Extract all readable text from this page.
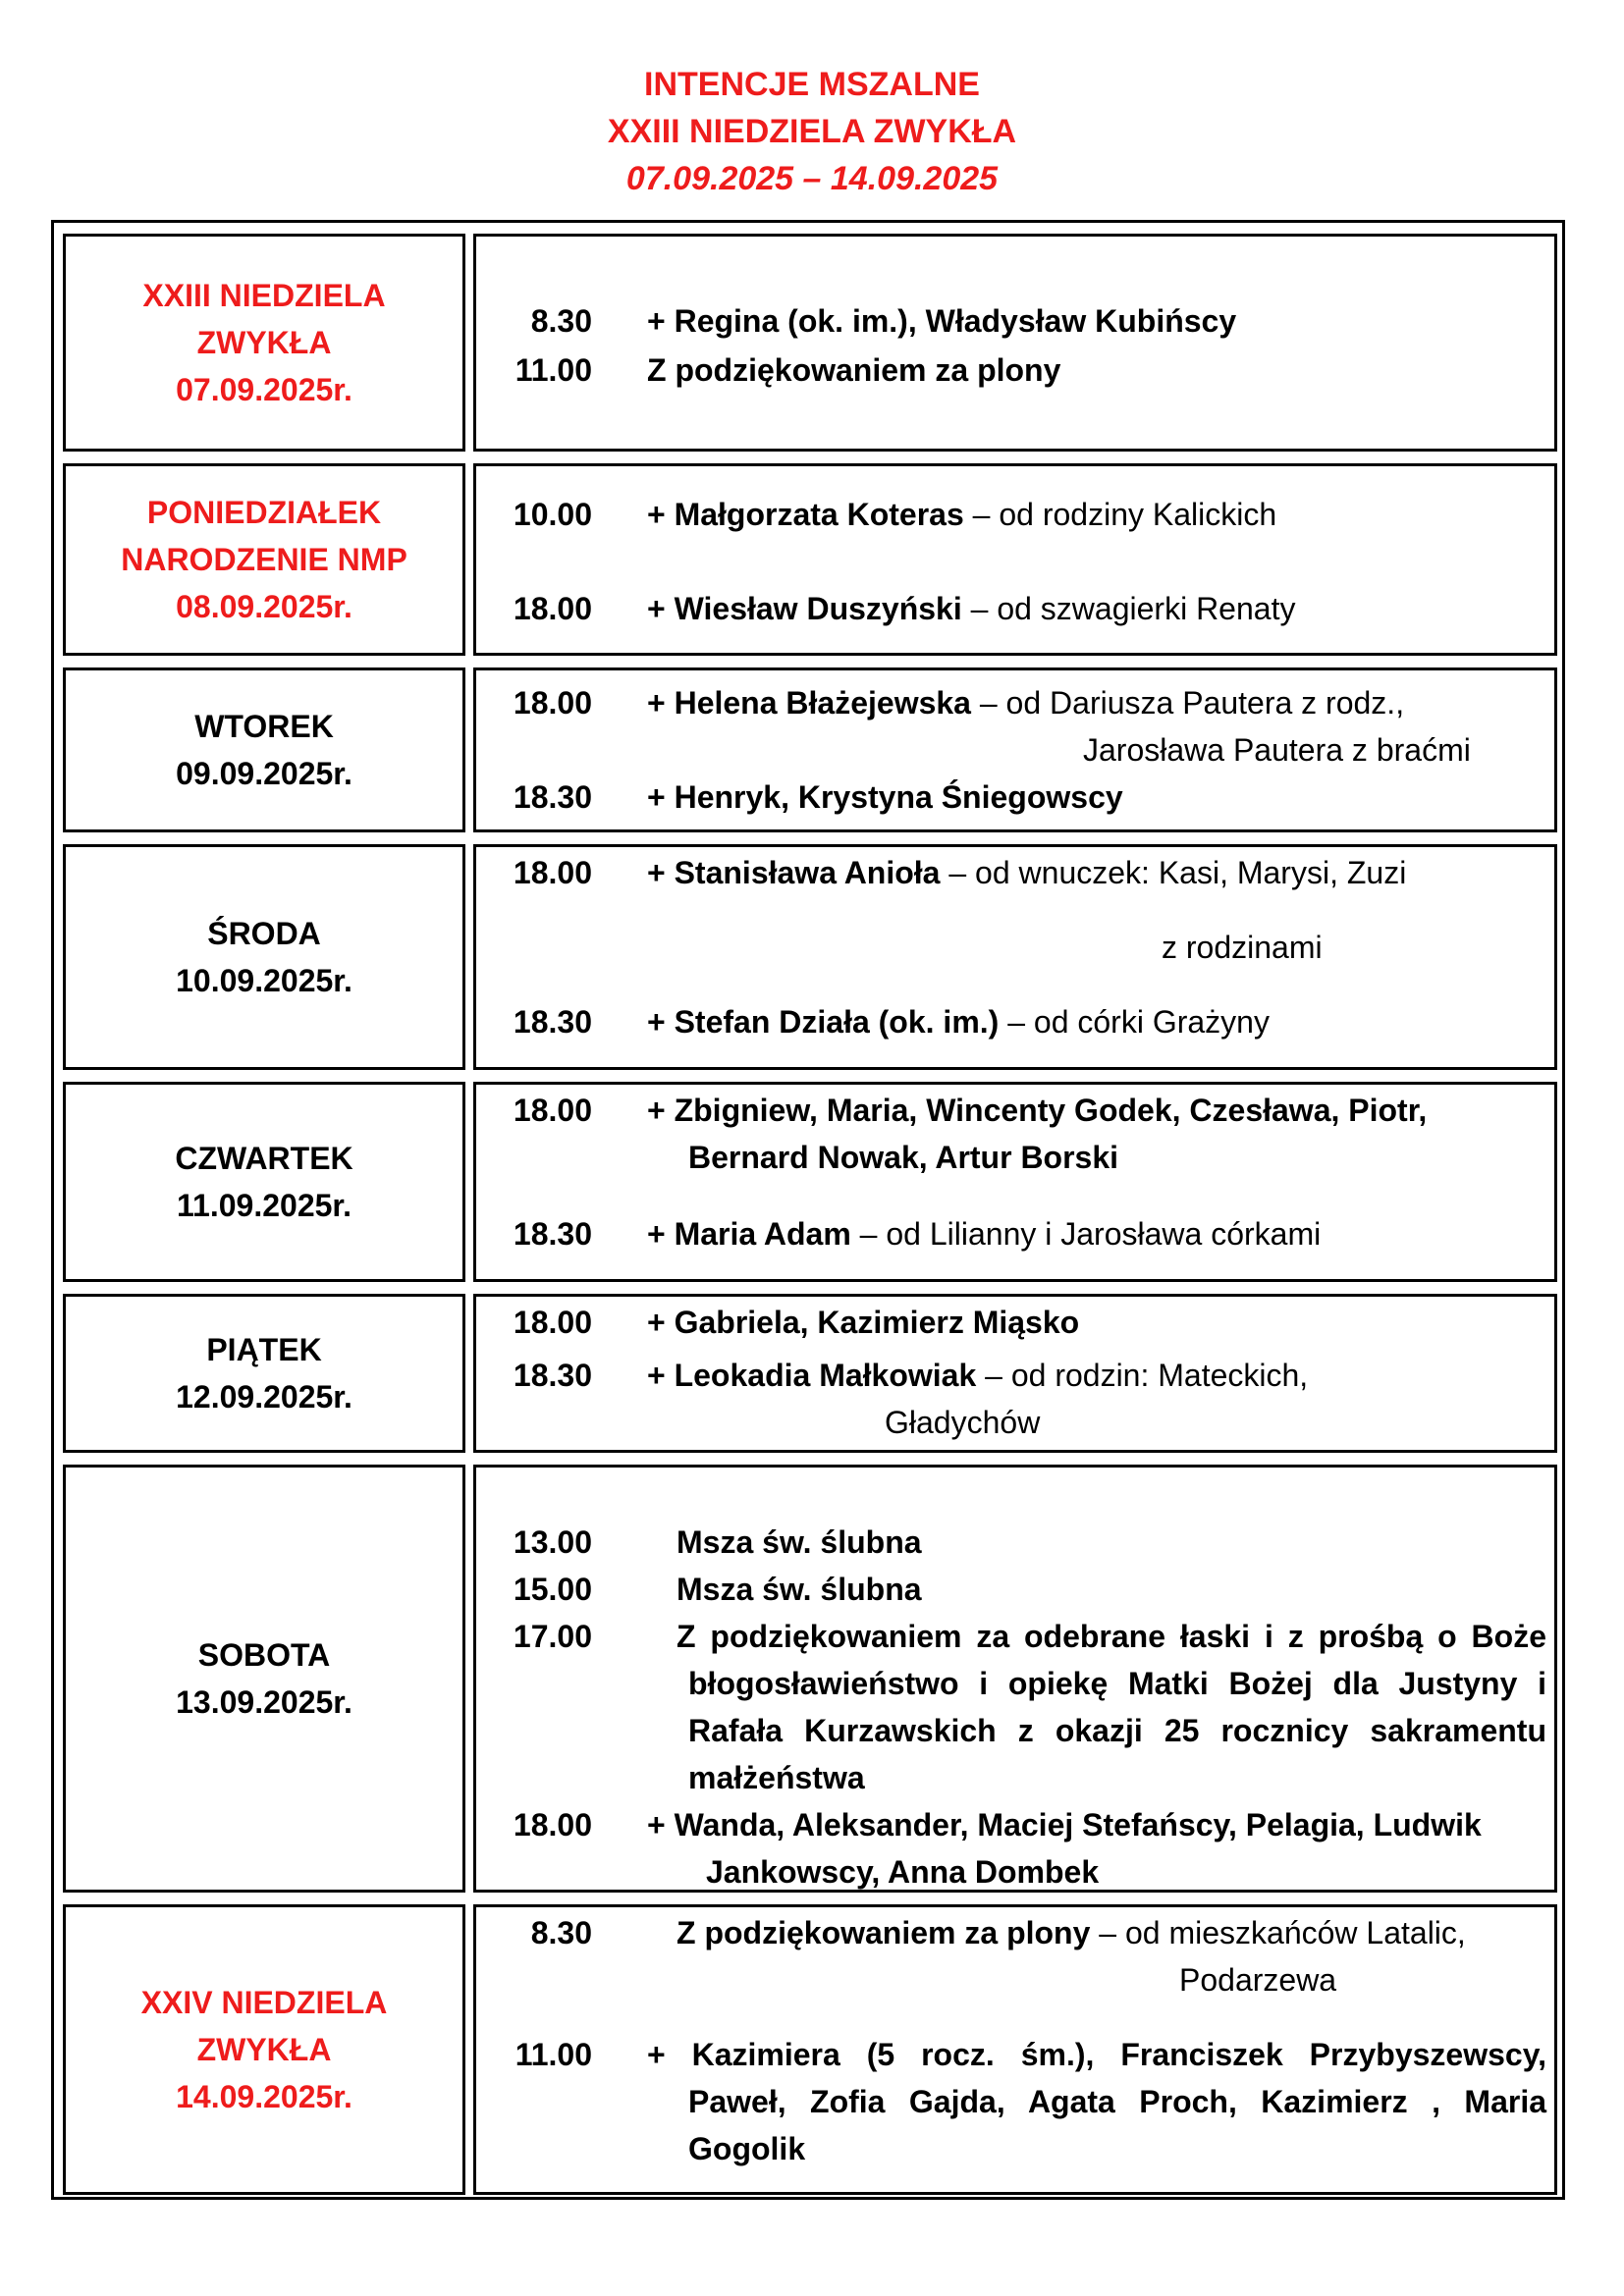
INTENCJE MSZALNE
XXIII NIEDZIELA ZWYKŁA
07.09.2025 – 14.09.2025
XXIII NIEDZIELA
ZWYKŁA
07.09.2025r.
8.30 + Regina (ok. im.), Władysław Kubińscy
11.00 Z podziękowaniem za plony
PONIEDZIAŁEK
NARODZENIE NMP
08.09.2025r.
10.00 + Małgorzata Koteras – od rodziny Kalickich
18.00 + Wiesław Duszyński – od szwagierki Renaty
WTOREK
09.09.2025r.
18.00 + Helena Błażejewska – od Dariusza Pautera z rodz.,
Jarosława Pautera z braćmi
18.30 + Henryk, Krystyna Śniegowscy
ŚRODA
10.09.2025r.
18.00 + Stanisława Anioła – od wnuczek: Kasi, Marysi, Zuzi
z rodzinami
18.30 + Stefan Działa (ok. im.) – od córki Grażyny
CZWARTEK
11.09.2025r.
18.00 + Zbigniew, Maria, Wincenty Godek, Czesława, Piotr,
Bernard Nowak, Artur Borski
18.30 + Maria Adam – od Lilianny i Jarosława córkami
PIĄTEK
12.09.2025r.
18.00 + Gabriela, Kazimierz Miąsko
18.30 + Leokadia Małkowiak – od rodzin: Mateckich,
Gładychów
SOBOTA
13.09.2025r.
13.00	Msza św. ślubna
15.00	Msza św. ślubna
17.00	Z podziękowaniem za odebrane łaski i z prośbą o Boże
błogosławieństwo i opiekę Matki Bożej dla Justyny i
Rafała Kurzawskich z okazji 25 rocznicy sakramentu
małżeństwa
18.00 + Wanda, Aleksander, Maciej Stefańscy, Pelagia, Ludwik
Jankowscy, Anna Dombek
XXIV NIEDZIELA
ZWYKŁA
14.09.2025r.
8.30	Z podziękowaniem za plony – od mieszkańców Latalic,
Podarzewa
11.00 + Kazimiera (5 rocz. śm.), Franciszek Przybyszewscy,
Paweł, Zofia Gajda, Agata Proch, Kazimierz , Maria
Gogolik
